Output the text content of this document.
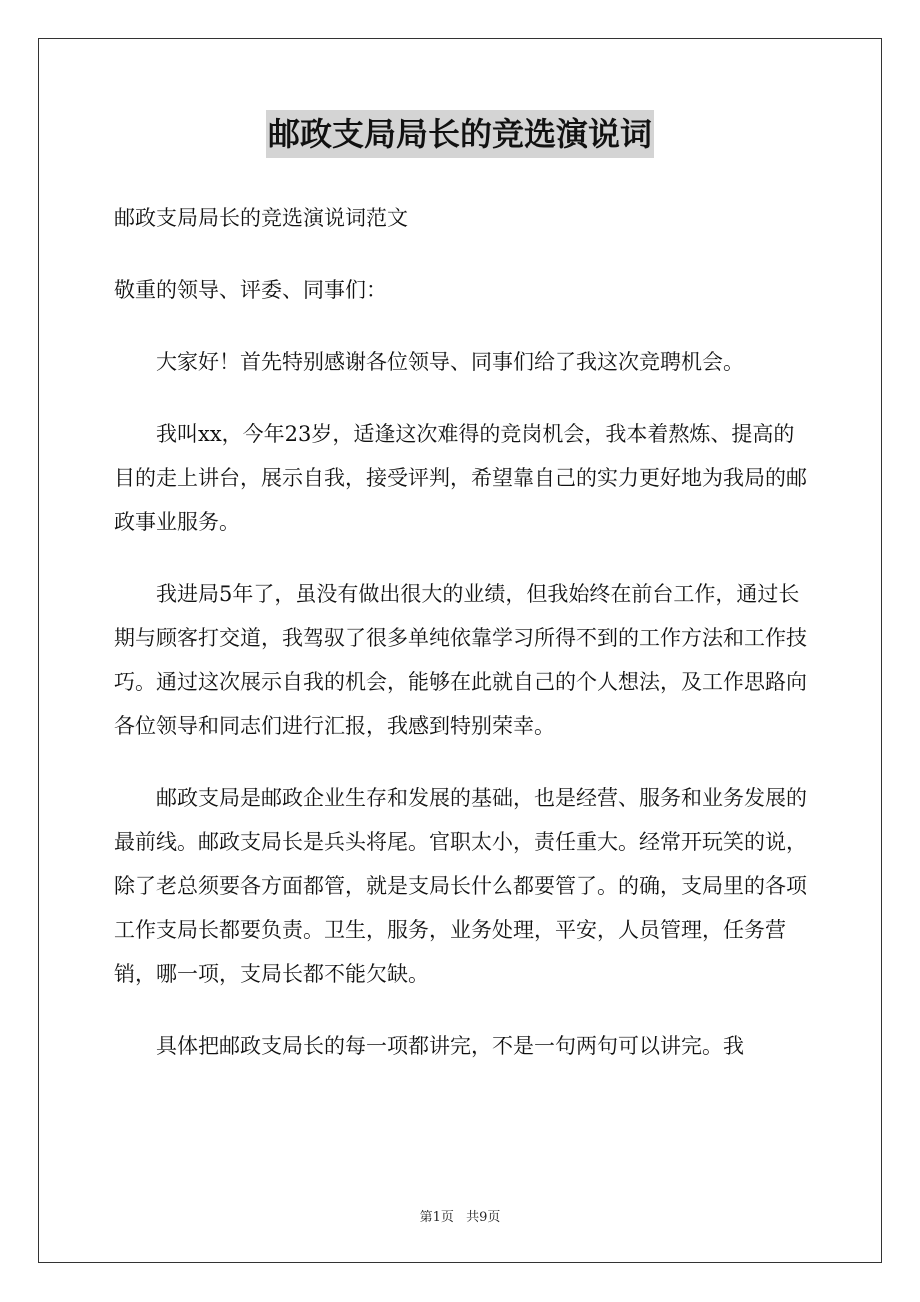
邮政支局局长的竞选演说词

邮政支局局长的竞选演说词范文

敬重的领导、评委、同事们：

大家好！首先特别感谢各位领导、同事们给了我这次竞聘机会。

我叫xx，今年23岁，适逢这次难得的竞岗机会，我本着熬炼、提高的目的走上讲台，展示自我，接受评判，希望靠自己的实力更好地为我局的邮政事业服务。

我进局5年了，虽没有做出很大的业绩，但我始终在前台工作，通过长期与顾客打交道，我驾驭了很多单纯依靠学习所得不到的工作方法和工作技巧。通过这次展示自我的机会，能够在此就自己的个人想法，及工作思路向各位领导和同志们进行汇报，我感到特别荣幸。

邮政支局是邮政企业生存和发展的基础，也是经营、服务和业务发展的最前线。邮政支局长是兵头将尾。官职太小，责任重大。经常开玩笑的说，除了老总须要各方面都管，就是支局长什么都要管了。的确，支局里的各项工作支局长都要负责。卫生，服务，业务处理，平安，人员管理，任务营销，哪一项，支局长都不能欠缺。

具体把邮政支局长的每一项都讲完，不是一句两句可以讲完。我

第1页 共9页
